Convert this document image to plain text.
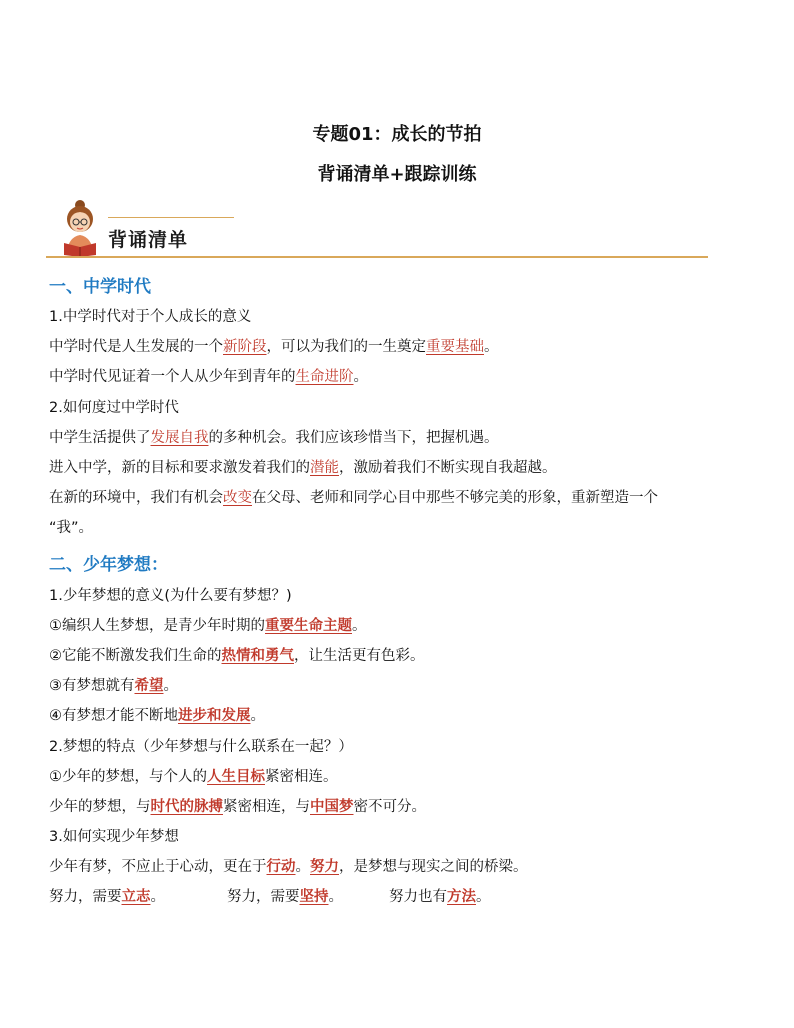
专题01：成长的节拍
背诵清单+跟踪训练
背诵清单
一、中学时代
1.中学时代对于个人成长的意义
中学时代是人生发展的一个新阶段，可以为我们的一生奠定重要基础。
中学时代见证着一个人从少年到青年的生命进阶。
2.如何度过中学时代
中学生活提供了发展自我的多种机会。我们应该珍惜当下，把握机遇。
进入中学，新的目标和要求激发着我们的潜能，激励着我们不断实现自我超越。
在新的环境中，我们有机会改变在父母、老师和同学心目中那些不够完美的形象，重新塑造一个
“我”。
二、少年梦想：
1.少年梦想的意义(为什么要有梦想？)
①编织人生梦想，是青少年时期的重要生命主题。
②它能不断激发我们生命的热情和勇气，让生活更有色彩。
③有梦想就有希望。
④有梦想才能不断地进步和发展。
2.梦想的特点（少年梦想与什么联系在一起？）
①少年的梦想，与个人的人生目标紧密相连。
少年的梦想，与时代的脉搏紧密相连，与中国梦密不可分。
3.如何实现少年梦想
少年有梦，不应止于心动，更在于行动。努力，是梦想与现实之间的桥梁。
努力，需要立志。	努力，需要坚持。	努力也有方法。
